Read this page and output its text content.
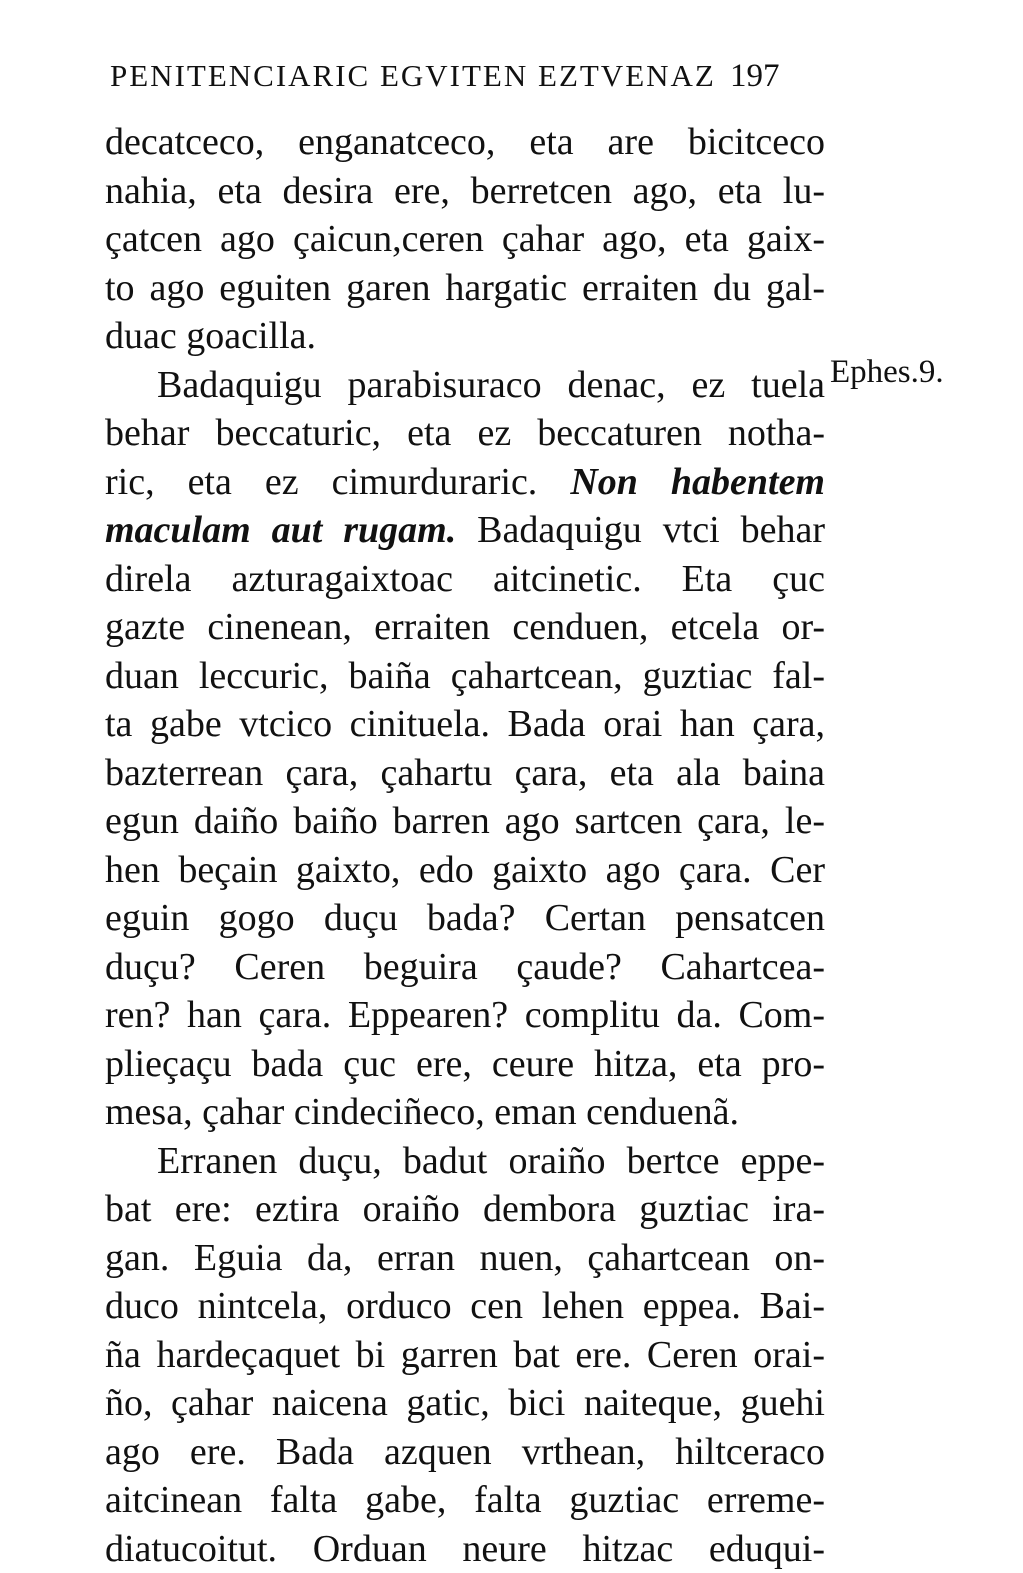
PENITENCIARIC EGVITEN EZTVENAZ 197
decatceco, enganatceco, eta are bicitceco
nahia, eta desira ere, berretcen ago, eta lu-
çatcen ago çaicun,ceren çahar ago, eta gaix-
to ago eguiten garen hargatic erraiten du gal-
duac goacilla.
Badaquigu parabisuraco denac, ez tuela
behar beccaturic, eta ez beccaturen notha-
ric, eta ez cimurduraric. Non habentem
maculam aut rugam. Badaquigu vtci behar
direla azturagaixtoac aitcinetic. Eta çuc
gazte cinenean, erraiten cenduen, etcela or-
duan leccuric, baiña çahartcean, guztiac fal-
ta gabe vtcico cinituela. Bada orai han çara,
bazterrean çara, çahartu çara, eta ala baina
egun daiño baiño barren ago sartcen çara, le-
hen beçain gaixto, edo gaixto ago çara. Cer
eguin gogo duçu bada? Certan pensatcen
duçu? Ceren beguira çaude? Cahartcea-
ren? han çara. Eppearen? complitu da. Com-
plieçaçu bada çuc ere, ceure hitza, eta pro-
mesa, çahar cindeciñeco, eman cenduenã.
Erranen duçu, badut oraiño bertce eppe-
bat ere: eztira oraiño dembora guztiac ira-
gan. Eguia da, erran nuen, çahartcean on-
duco nintcela, orduco cen lehen eppea. Bai-
ña hardeçaquet bi garren bat ere. Ceren orai-
ño, çahar naicena gatic, bici naiteque, guehi
ago ere. Bada azquen vrthean, hiltceraco
aitcinean falta gabe, falta guztiac erreme-
diatucoitut. Orduan neure hitzac eduqui-
Ephes.9.
